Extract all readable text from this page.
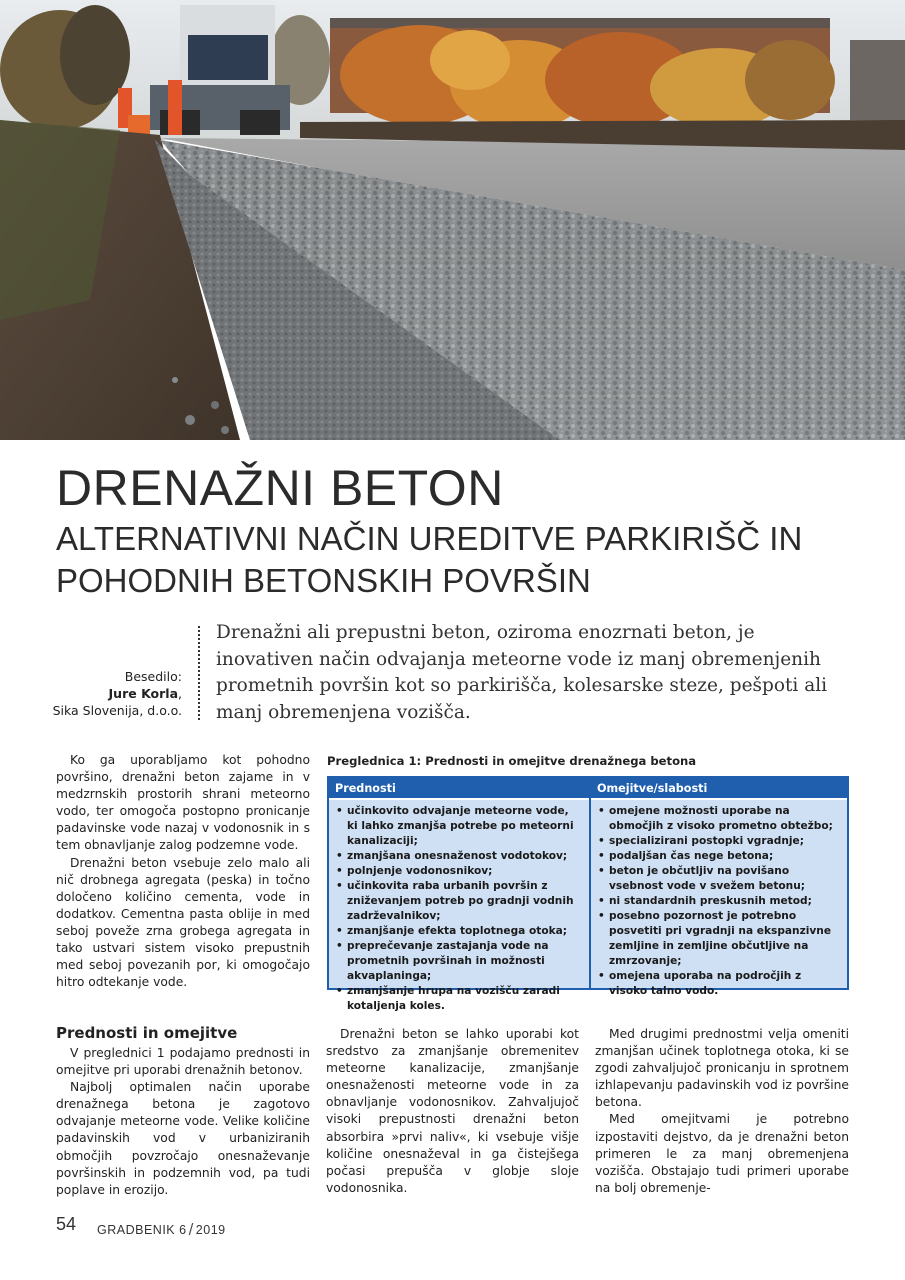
DRENAŽNI BETON
ALTERNATIVNI NAČIN UREDITVE PARKIRIŠČ IN POHODNIH BETONSKIH POVRŠIN
Besedilo:
Jure Korla,
Sika Slovenija, d.o.o.
Drenažni ali prepustni beton, oziroma enozrnati beton, je inovativen način odvajanja meteorne vode iz manj obremenjenih prometnih površin kot so parkirišča, kolesarske steze, pešpoti ali manj obremenjena vozišča.

Ko ga uporabljamo kot pohodno površino, drenažni beton zajame in v medzrnskih prostorih shrani meteorno vodo, ter omogoča postopno pronicanje padavinske vode nazaj v vodonosnik in s tem obnavljanje zalog podzemne vode.

Drenažni beton vsebuje zelo malo ali nič drobnega agregata (peska) in točno določeno količino cementa, vode in dodatkov. Cementna pasta oblije in med seboj poveže zrna grobega agregata in tako ustvari sistem visoko prepustnih med seboj povezanih por, ki omogočajo hitro odtekanje vode.

Prednosti in omejitve

V preglednici 1 podajamo prednosti in omejitve pri uporabi drenažnih betonov.

Najbolj optimalen način uporabe drenažnega betona je zagotovo odvajanje meteorne vode. Velike količine padavinskih vod v urbaniziranih območjih povzročajo onesnaževanje površinskih in podzemnih vod, pa tudi poplave in erozijo.

Preglednica 1: Prednosti in omejitve drenažnega betona
Prednosti
• učinkovito odvajanje meteorne vode, ki lahko zmanjša potrebe po meteorni kanalizaciji;
• zmanjšana onesnaženost vodotokov;
• polnjenje vodonosnikov;
• učinkovita raba urbanih površin z zniževanjem potreb po gradnji vodnih zadrževalnikov;
• zmanjšanje efekta toplotnega otoka;
• preprečevanje zastajanja vode na prometnih površinah in možnosti akvaplaninga;
• zmanjšanje hrupa na vozišču zaradi kotaljenja koles.
Omejitve/slabosti
• omejene možnosti uporabe na območjih z visoko prometno obtežbo;
• specializirani postopki vgradnje;
• podaljšan čas nege betona;
• beton je občutljiv na povišano vsebnost vode v svežem betonu;
• ni standardnih preskusnih metod;
• posebno pozornost je potrebno posvetiti pri vgradnji na ekspanzivne zemljine in zemljine občutljive na zmrzovanje;
• omejena uporaba na področjih z visoko talno vodo.

Drenažni beton se lahko uporabi kot sredstvo za zmanjšanje obremenitev meteorne kanalizacije, zmanjšanje onesnaženosti meteorne vode in za obnavljanje vodonosnikov. Zahvaljujoč visoki prepustnosti drenažni beton absorbira »prvi naliv«, ki vsebuje višje količine onesnaževal in ga čistejšega počasi prepušča v globje sloje vodonosnika.

Med drugimi prednostmi velja omeniti zmanjšan učinek toplotnega otoka, ki se zgodi zahvaljujoč pronicanju in sprotnem izhlapevanju padavinskih vod iz površine betona.

Med omejitvami je potrebno izpostaviti dejstvo, da je drenažni beton primeren le za manj obremenjena vozišča. Obstajajo tudi primeri uporabe na bolj obremenje-

54 GRADBENIK 6 / 2019
